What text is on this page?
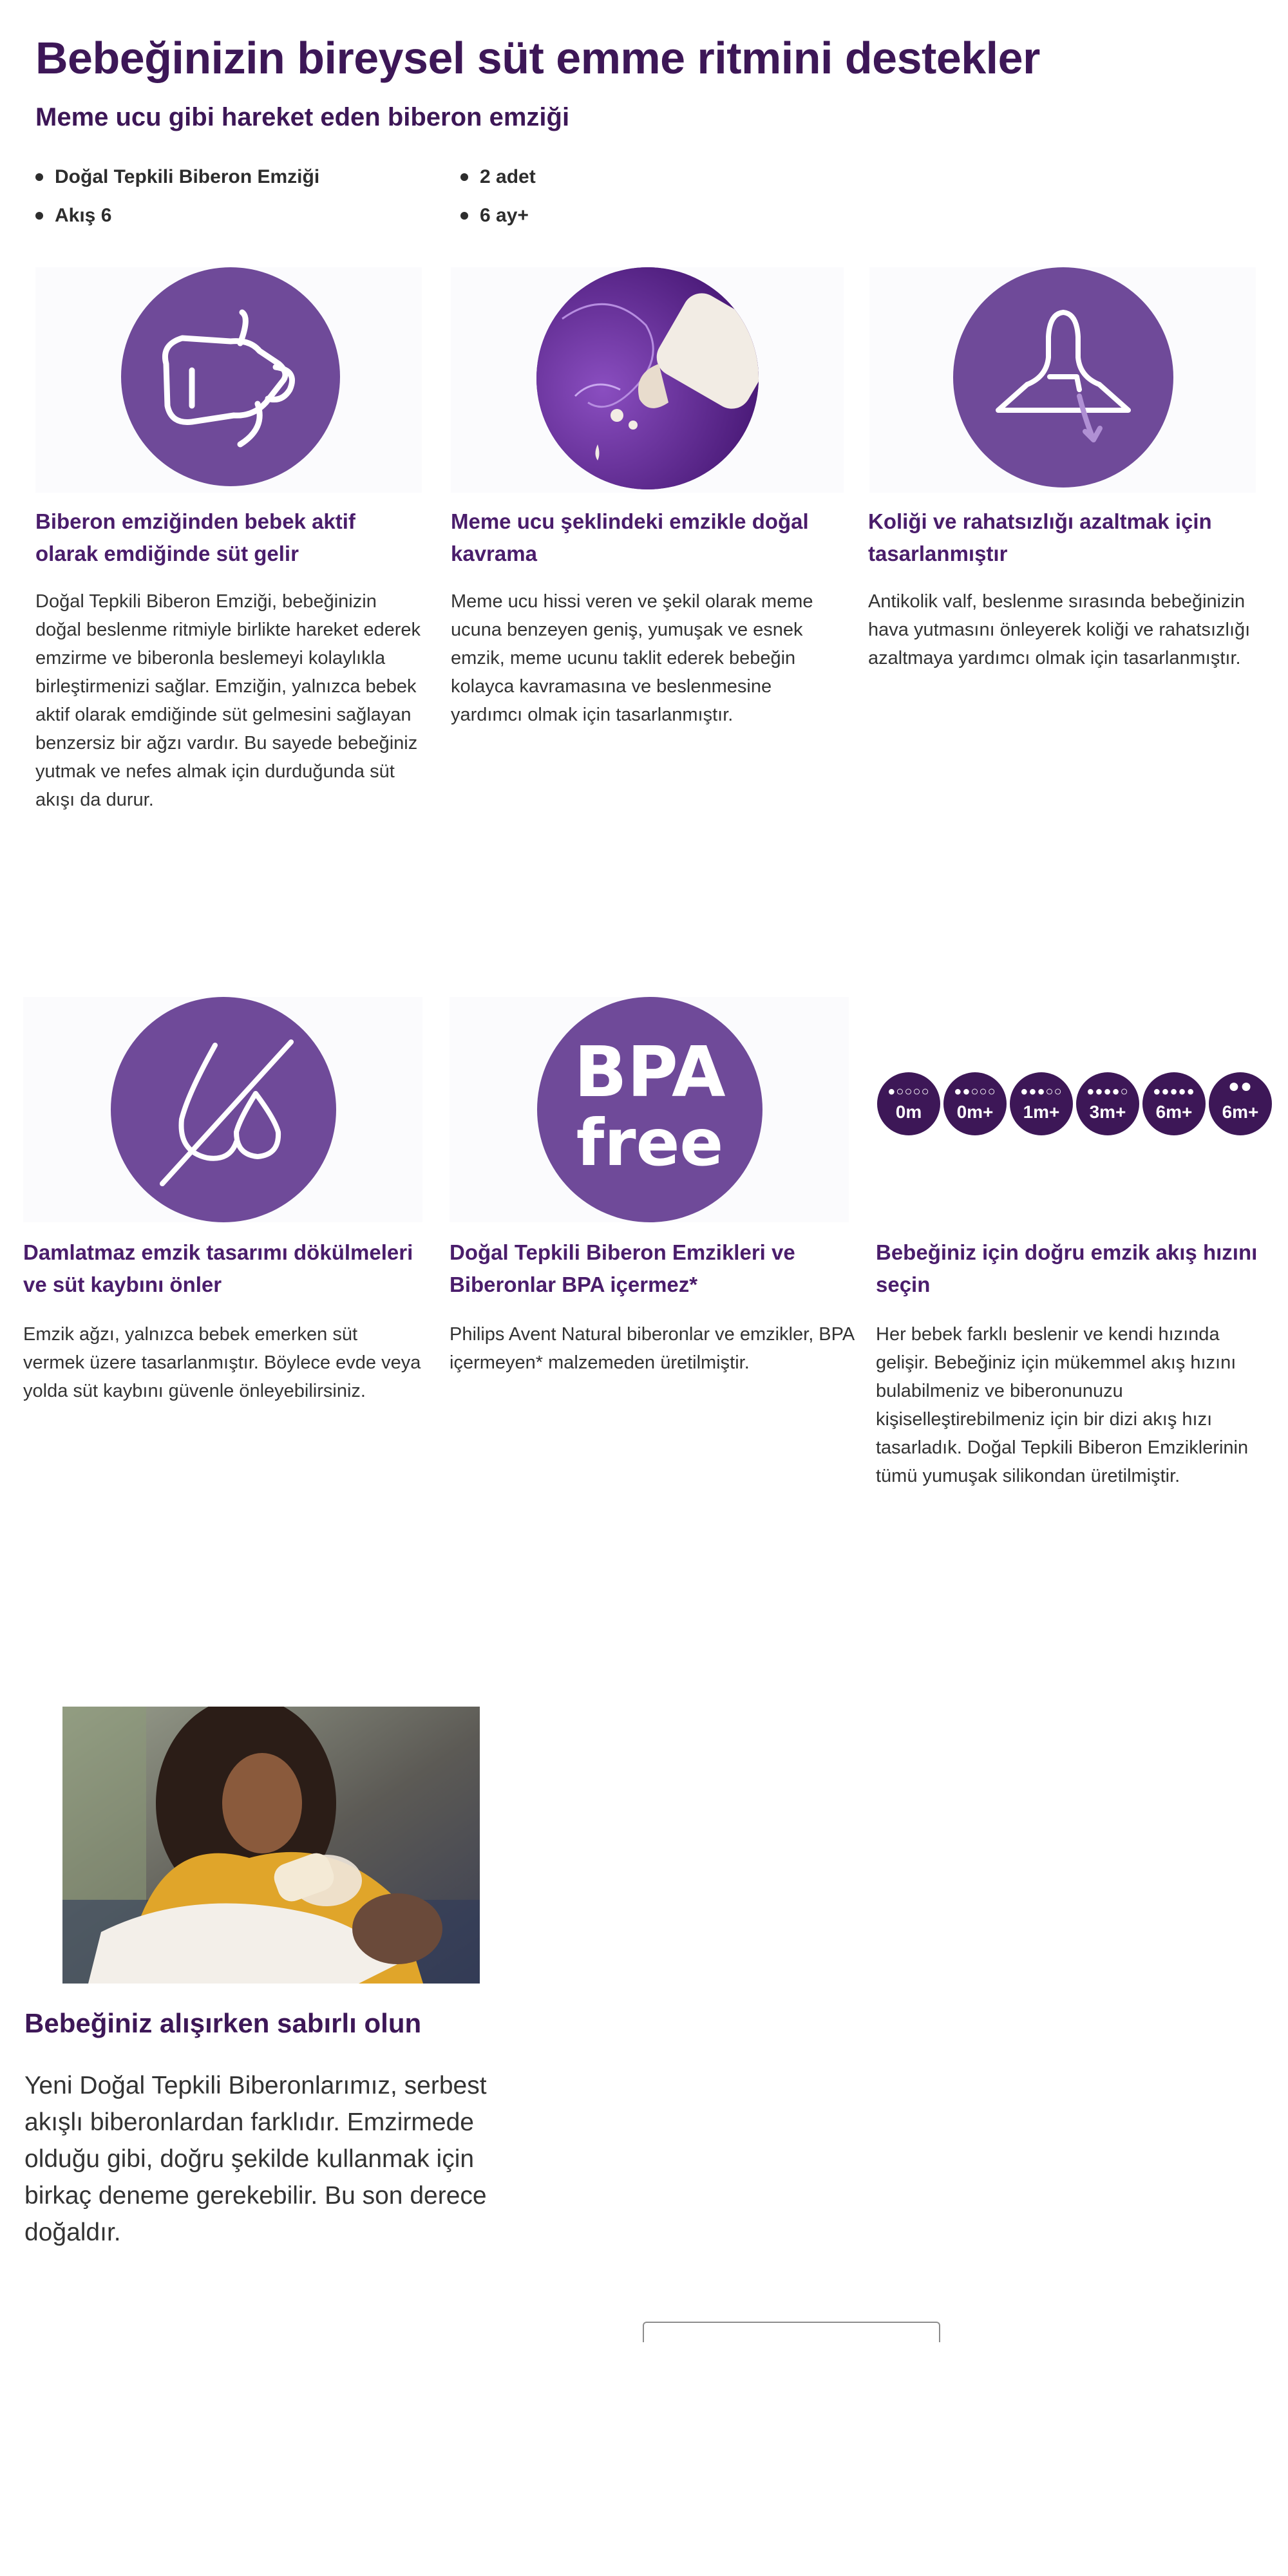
Bebeğinizin bireysel süt emme ritmini destekler
Meme ucu gibi hareket eden biberon emziği
Doğal Tepkili Biberon Emziği	2 adet
Akış 6	6 ay+
Biberon emziğinden bebek aktif olarak emdiğinde süt gelir

Doğal Tepkili Biberon Emziği, bebeğinizin doğal beslenme ritmiyle birlikte hareket ederek emzirme ve biberonla beslemeyi kolaylıkla birleştirmenizi sağlar. Emziğin, yalnızca bebek aktif olarak emdiğinde süt gelmesini sağlayan benzersiz bir ağzı vardır. Bu sayede bebeğiniz yutmak ve nefes almak için durduğunda süt akışı da durur.

Meme ucu şeklindeki emzikle doğal kavrama

Meme ucu hissi veren ve şekil olarak meme ucuna benzeyen geniş, yumuşak ve esnek emzik, meme ucunu taklit ederek bebeğin kolayca kavramasına ve beslenmesine yardımcı olmak için tasarlanmıştır.

Koliği ve rahatsızlığı azaltmak için tasarlanmıştır

Antikolik valf, beslenme sırasında bebeğinizin hava yutmasını önleyerek koliği ve rahatsızlığı azaltmaya yardımcı olmak için tasarlanmıştır.

Damlatmaz emzik tasarımı dökülmeleri ve süt kaybını önler

Emzik ağzı, yalnızca bebek emerken süt vermek üzere tasarlanmıştır. Böylece evde veya yolda süt kaybını güvenle önleyebilirsiniz.

BPA
free
Doğal Tepkili Biberon Emzikleri ve Biberonlar BPA içermez*

Philips Avent Natural biberonlar ve emzikler, BPA içermeyen* malzemeden üretilmiştir.

●○○○○
0m
●●○○○
0m+
●●●○○
1m+
●●●●○
3m+
●●●●●
6m+
●●
6m+
Bebeğiniz için doğru emzik akış hızını seçin

Her bebek farklı beslenir ve kendi hızında gelişir. Bebeğiniz için mükemmel akış hızını bulabilmeniz ve biberonunuzu kişiselleştirebilmeniz için bir dizi akış hızı tasarladık. Doğal Tepkili Biberon Emziklerinin tümü yumuşak silikondan üretilmiştir.

Bebeğiniz alışırken sabırlı olun

Yeni Doğal Tepkili Biberonlarımız, serbest akışlı biberonlardan farklıdır. Emzirmede olduğu gibi, doğru şekilde kullanmak için birkaç deneme gerekebilir. Bu son derece doğaldır.
